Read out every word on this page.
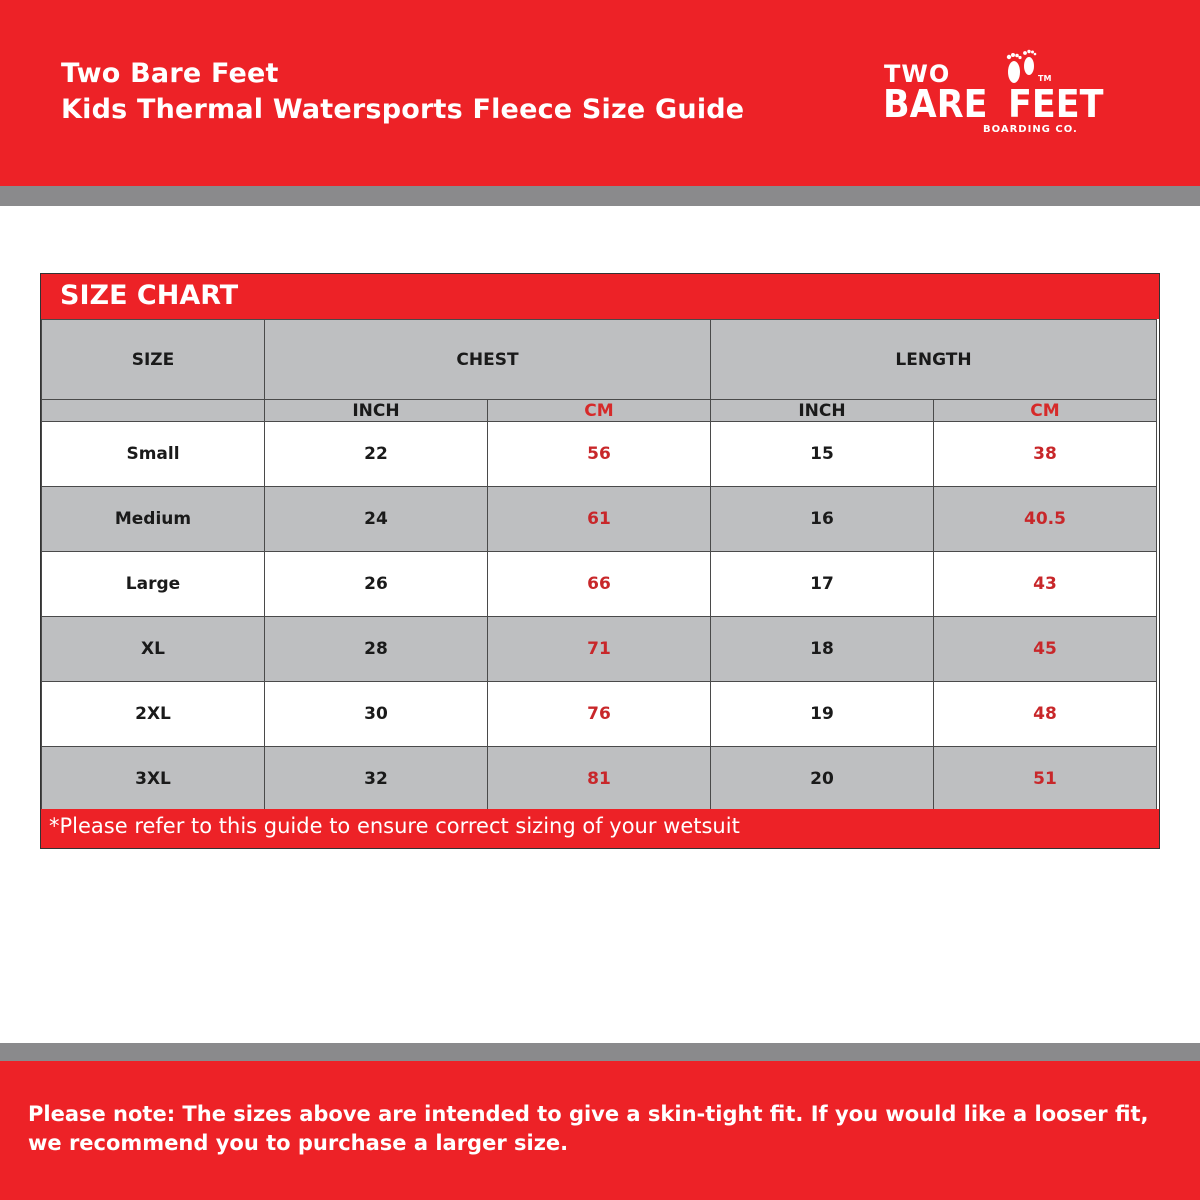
Two Bare Feet
Kids Thermal Watersports Fleece Size Guide
TWO
BARE
TM
FEET
BOARDING CO.
SIZE CHART
SIZE	CHEST		LENGTH	
	INCH	CM	INCH	CM
Small	22	56	15	38
Medium	24	61	16	40.5
Large	26	66	17	43
XL	28	71	18	45
2XL	30	76	19	48
3XL	32	81	20	51
*Please refer to this guide to ensure correct sizing of your wetsuit
Please note: The sizes above are intended to give a skin-tight fit. If you would like a looser fit, we recommend you to purchase a larger size.
